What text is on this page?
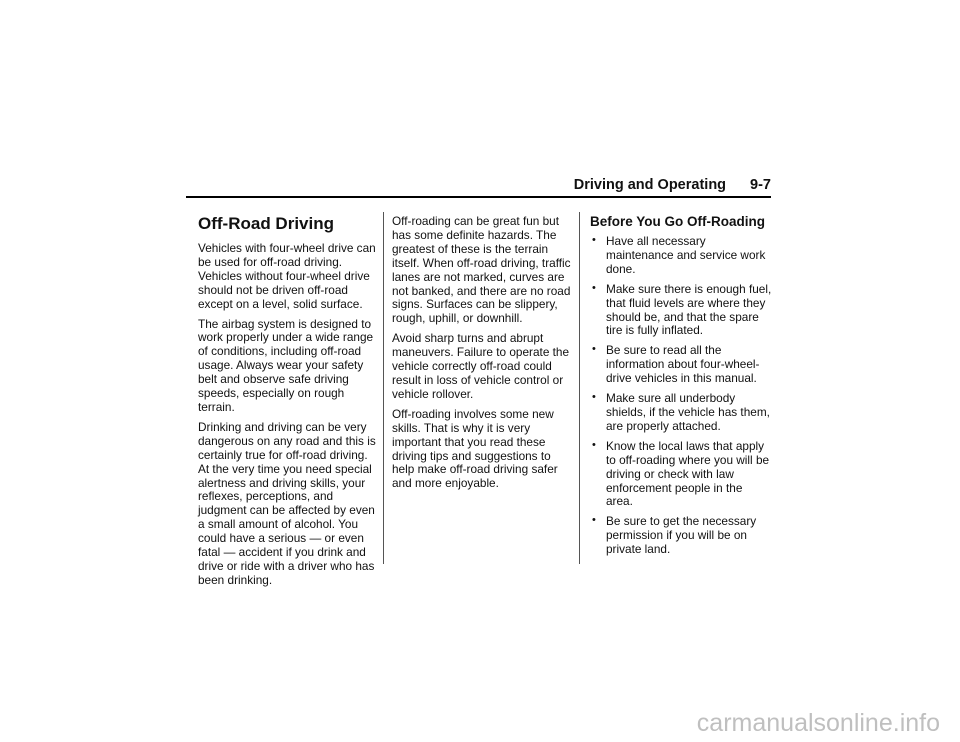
Driving and Operating 9-7
Off-Road Driving

Vehicles with four-wheel drive can be used for off-road driving. Vehicles without four-wheel drive should not be driven off-road except on a level, solid surface.

The airbag system is designed to work properly under a wide range of conditions, including off-road usage. Always wear your safety belt and observe safe driving speeds, especially on rough terrain.

Drinking and driving can be very dangerous on any road and this is certainly true for off-road driving. At the very time you need special alertness and driving skills, your reflexes, perceptions, and judgment can be affected by even a small amount of alcohol. You could have a serious — or even fatal — accident if you drink and drive or ride with a driver who has been drinking.

Off-roading can be great fun but has some definite hazards. The greatest of these is the terrain itself. When off-road driving, traffic lanes are not marked, curves are not banked, and there are no road signs. Surfaces can be slippery, rough, uphill, or downhill.

Avoid sharp turns and abrupt maneuvers. Failure to operate the vehicle correctly off-road could result in loss of vehicle control or vehicle rollover.

Off-roading involves some new skills. That is why it is very important that you read these driving tips and suggestions to help make off-road driving safer and more enjoyable.

Before You Go Off-Roading
• Have all necessary maintenance and service work done.
• Make sure there is enough fuel, that fluid levels are where they should be, and that the spare tire is fully inflated.
• Be sure to read all the information about four-wheel-drive vehicles in this manual.
• Make sure all underbody shields, if the vehicle has them, are properly attached.
• Know the local laws that apply to off-roading where you will be driving or check with law enforcement people in the area.
• Be sure to get the necessary permission if you will be on private land.
carmanualsonline.info
